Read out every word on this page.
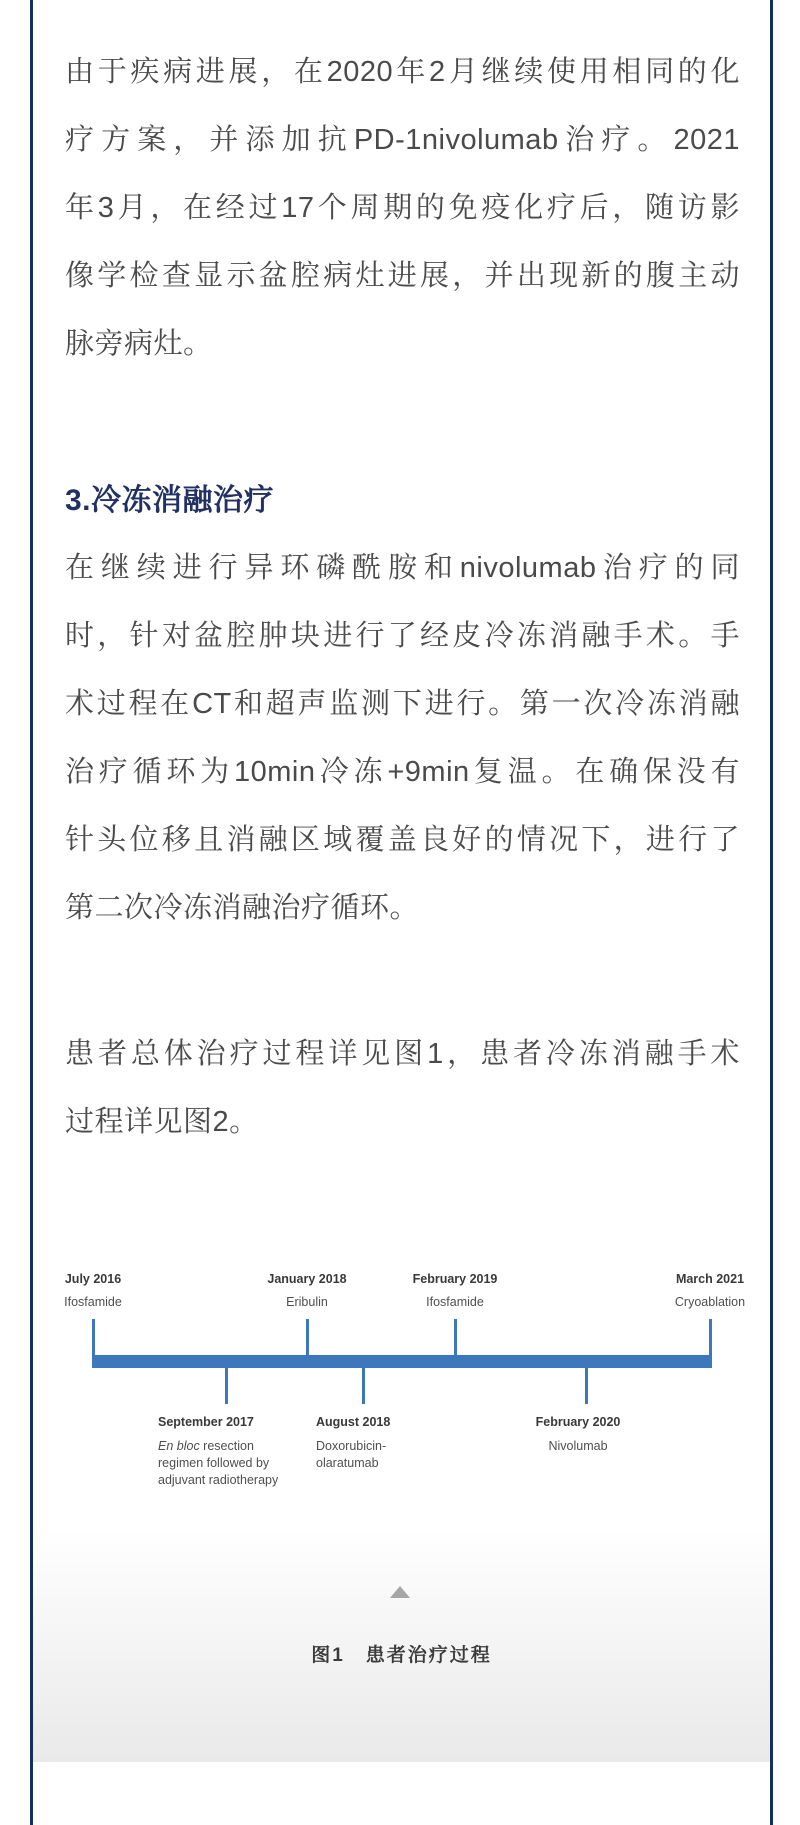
由于疾病进展，在2020年2月继续使用相同的化
疗方案，并添加抗PD-1nivolumab治疗。2021
年3月，在经过17个周期的免疫化疗后，随访影
像学检查显示盆腔病灶进展，并出现新的腹主动
脉旁病灶。

3.冷冻消融治疗

在继续进行异环磷酰胺和nivolumab治疗的同
时，针对盆腔肿块进行了经皮冷冻消融手术。手
术过程在CT和超声监测下进行。第一次冷冻消融
治疗循环为10min冷冻+9min复温。在确保没有
针头位移且消融区域覆盖良好的情况下，进行了
第二次冷冻消融治疗循环。

患者总体治疗过程详见图1，患者冷冻消融手术
过程详见图2。

图1　患者治疗过程
July 2016
Ifosfamide
January 2018
Eribulin
February 2019
Ifosfamide
March 2021
Cryoablation
September 2017
En bloc resection
regimen followed by
adjuvant radiotherapy
August 2018
Doxorubicin-
olaratumab
February 2020
Nivolumab
